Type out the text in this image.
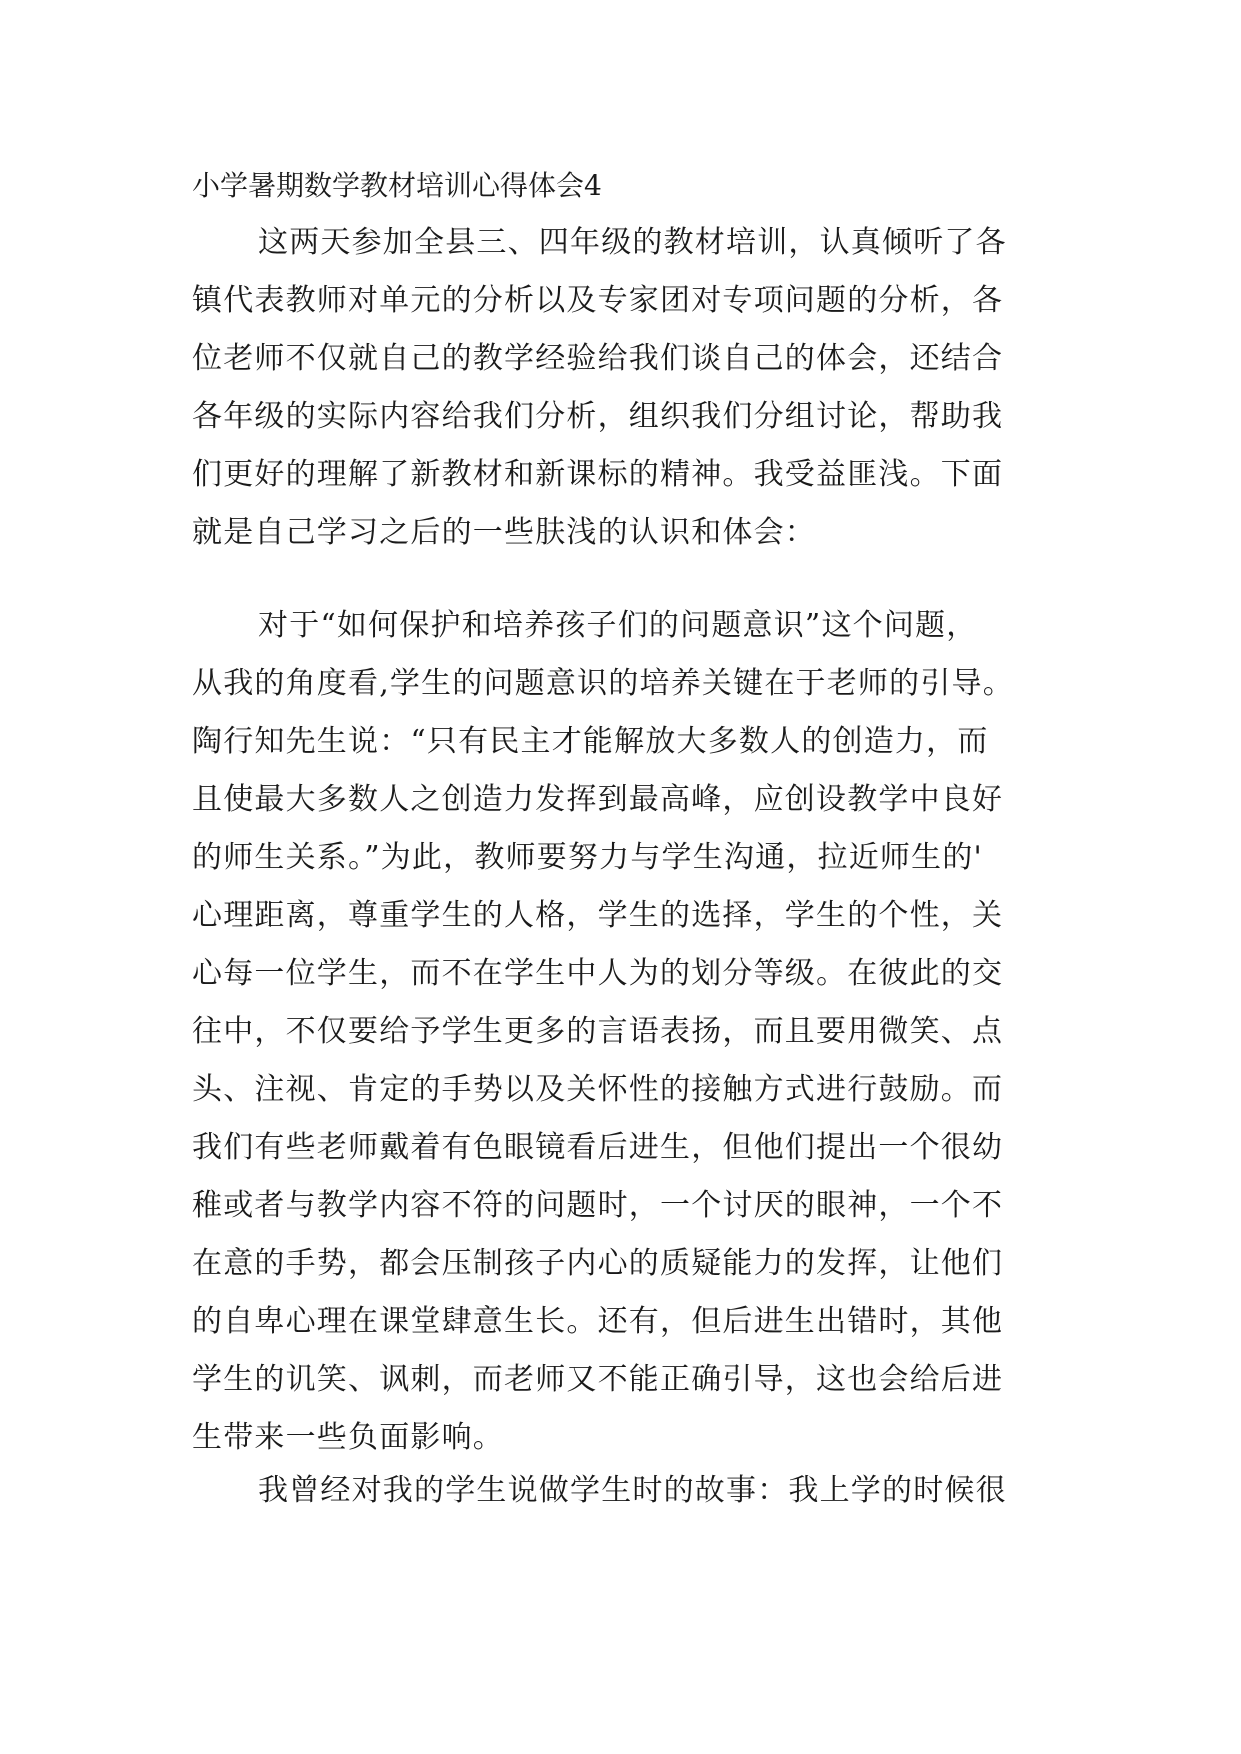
小学暑期数学教材培训心得体会4
这两天参加全县三、四年级的教材培训，认真倾听了各
镇代表教师对单元的分析以及专家团对专项问题的分析，各
位老师不仅就自己的教学经验给我们谈自己的体会，还结合
各年级的实际内容给我们分析，组织我们分组讨论，帮助我
们更好的理解了新教材和新课标的精神。我受益匪浅。下面
就是自己学习之后的一些肤浅的认识和体会：
对于“如何保护和培养孩子们的问题意识”这个问题，
从我的角度看,学生的问题意识的培养关键在于老师的引导。
陶行知先生说：“只有民主才能解放大多数人的创造力，而
且使最大多数人之创造力发挥到最高峰，应创设教学中良好
的师生关系。”为此，教师要努力与学生沟通，拉近师生的'
心理距离，尊重学生的人格，学生的选择，学生的个性，关
心每一位学生，而不在学生中人为的划分等级。在彼此的交
往中，不仅要给予学生更多的言语表扬，而且要用微笑、点
头、注视、肯定的手势以及关怀性的接触方式进行鼓励。而
我们有些老师戴着有色眼镜看后进生，但他们提出一个很幼
稚或者与教学内容不符的问题时，一个讨厌的眼神，一个不
在意的手势，都会压制孩子内心的质疑能力的发挥，让他们
的自卑心理在课堂肆意生长。还有，但后进生出错时，其他
学生的讥笑、讽刺，而老师又不能正确引导，这也会给后进
生带来一些负面影响。
我曾经对我的学生说做学生时的故事：我上学的时候很
